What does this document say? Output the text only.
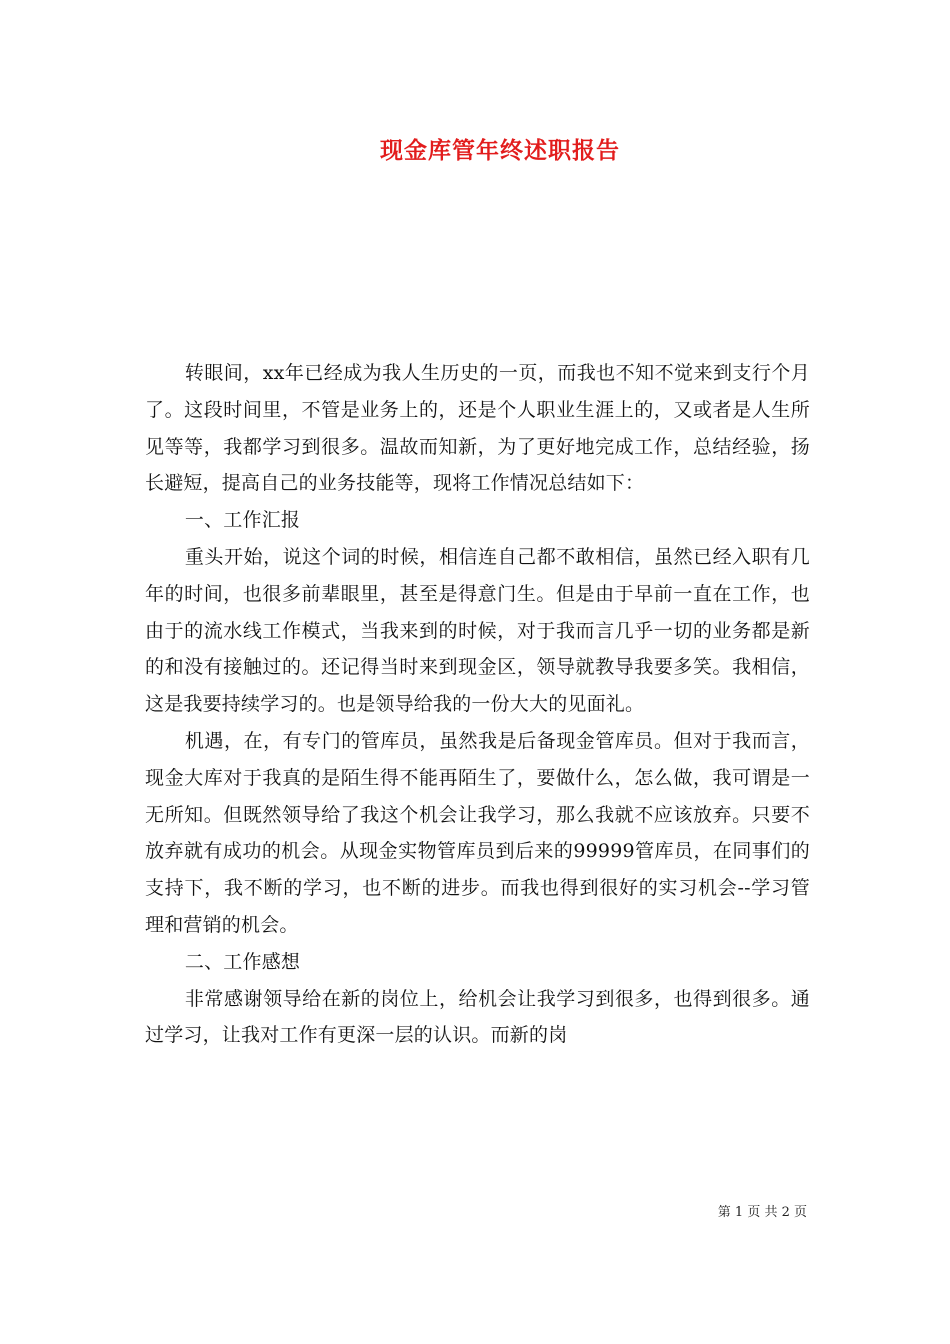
现金库管年终述职报告

转眼间，xx年已经成为我人生历史的一页，而我也不知不觉来到支行个月了。这段时间里，不管是业务上的，还是个人职业生涯上的，又或者是人生所见等等，我都学习到很多。温故而知新，为了更好地完成工作，总结经验，扬长避短，提高自己的业务技能等，现将工作情况总结如下：

一、工作汇报

重头开始，说这个词的时候，相信连自己都不敢相信，虽然已经入职有几年的时间，也很多前辈眼里，甚至是得意门生。但是由于早前一直在工作，也由于的流水线工作模式，当我来到的时候，对于我而言几乎一切的业务都是新的和没有接触过的。还记得当时来到现金区，领导就教导我要多笑。我相信，这是我要持续学习的。也是领导给我的一份大大的见面礼。

机遇，在，有专门的管库员，虽然我是后备现金管库员。但对于我而言，现金大库对于我真的是陌生得不能再陌生了，要做什么，怎么做，我可谓是一无所知。但既然领导给了我这个机会让我学习，那么我就不应该放弃。只要不放弃就有成功的机会。从现金实物管库员到后来的99999管库员，在同事们的支持下，我不断的学习，也不断的进步。而我也得到很好的实习机会--学习管理和营销的机会。

二、工作感想

非常感谢领导给在新的岗位上，给机会让我学习到很多，也得到很多。通过学习，让我对工作有更深一层的认识。而新的岗

第 1 页 共 2 页
